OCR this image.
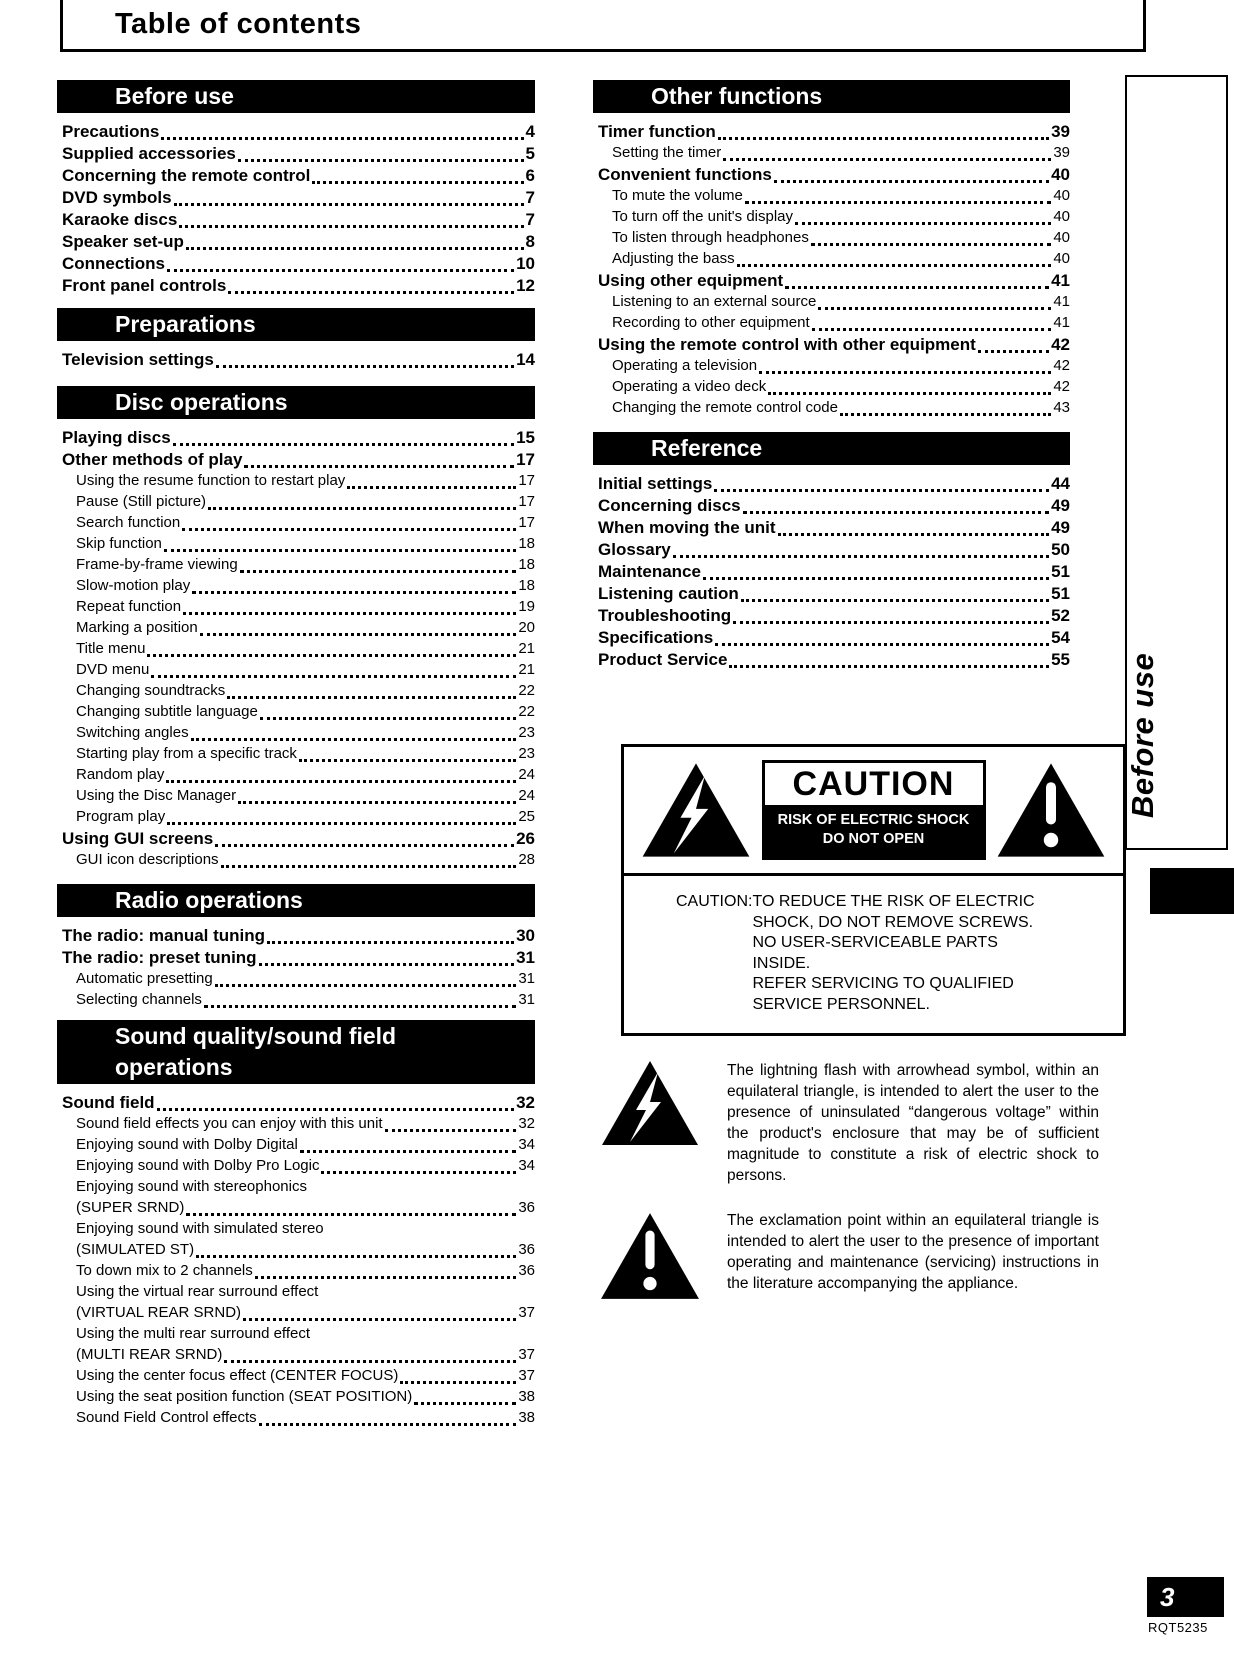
Table of contents
Before use
Precautions	4
Supplied accessories	5
Concerning the remote control	6
DVD symbols	7
Karaoke discs	7
Speaker set-up	8
Connections	10
Front panel controls	12
Preparations
Television settings	14
Disc operations
Playing discs	15
Other methods of play	17
Using the resume function to restart play	17
Pause (Still picture)	17
Search function	17
Skip function	18
Frame-by-frame viewing	18
Slow-motion play	18
Repeat function	19
Marking a position	20
Title menu	21
DVD menu	21
Changing soundtracks	22
Changing subtitle language	22
Switching angles	23
Starting play from a specific track	23
Random play	24
Using the Disc Manager	24
Program play	25
Using GUI screens	26
GUI icon descriptions	28
Radio operations
The radio: manual tuning	30
The radio: preset tuning	31
Automatic presetting	31
Selecting channels	31
Sound quality/sound field
operations
Sound field	32
Sound field effects you can enjoy with this unit	32
Enjoying sound with Dolby Digital	34
Enjoying sound with Dolby Pro Logic	34
Enjoying sound with stereophonics
(SUPER SRND)	36
Enjoying sound with simulated stereo
(SIMULATED ST)	36
To down mix to 2 channels	36
Using the virtual rear surround effect
(VIRTUAL REAR SRND)	37
Using the multi rear surround effect
(MULTI REAR SRND)	37
Using the center focus effect (CENTER FOCUS)	37
Using the seat position function (SEAT POSITION)	38
Sound Field Control effects	38
Other functions
Timer function	39
Setting the timer	39
Convenient functions	40
To mute the volume	40
To turn off the unit's display	40
To listen through headphones	40
Adjusting the bass	40
Using other equipment	41
Listening to an external source	41
Recording to other equipment	41
Using the remote control with other equipment	42
Operating a television	42
Operating a video deck	42
Changing the remote control code	43
Reference
Initial settings	44
Concerning discs	49
When moving the unit	49
Glossary	50
Maintenance	51
Listening caution	51
Troubleshooting	52
Specifications	54
Product Service	55
CAUTION
RISK OF ELECTRIC SHOCK
DO NOT OPEN
CAUTION: TO REDUCE THE RISK OF ELECTRIC
SHOCK, DO NOT REMOVE SCREWS.
NO USER-SERVICEABLE PARTS
INSIDE.
REFER SERVICING TO QUALIFIED
SERVICE PERSONNEL.
The lightning flash with arrowhead symbol, within an equilateral triangle, is intended to alert the user to the presence of uninsulated “dangerous voltage” within the product's enclosure that may be of sufficient magnitude to constitute a risk of electric shock to persons.
The exclamation point within an equilateral triangle is intended to alert the user to the presence of important operating and maintenance (servicing) instructions in the literature accompanying the appliance.
Before use
3
RQT5235
